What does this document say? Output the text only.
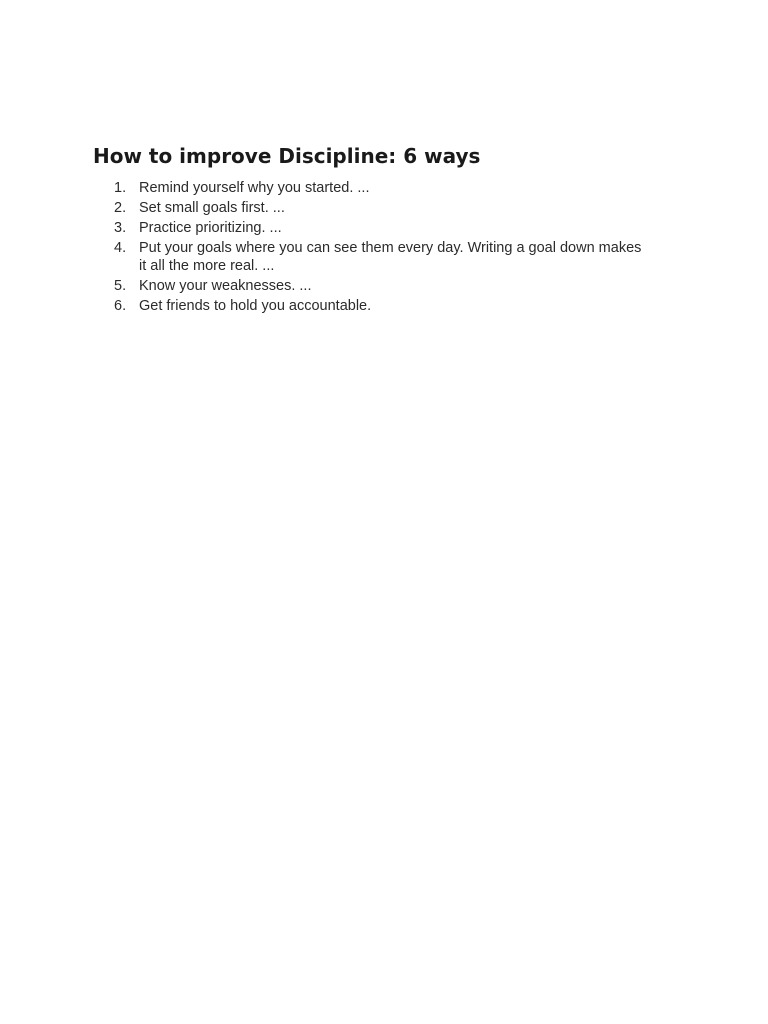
How to improve Discipline: 6 ways
1. Remind yourself why you started. ...
2. Set small goals first. ...
3. Practice prioritizing. ...
4. Put your goals where you can see them every day. Writing a goal down makes it all the more real. ...
5. Know your weaknesses. ...
6. Get friends to hold you accountable.
